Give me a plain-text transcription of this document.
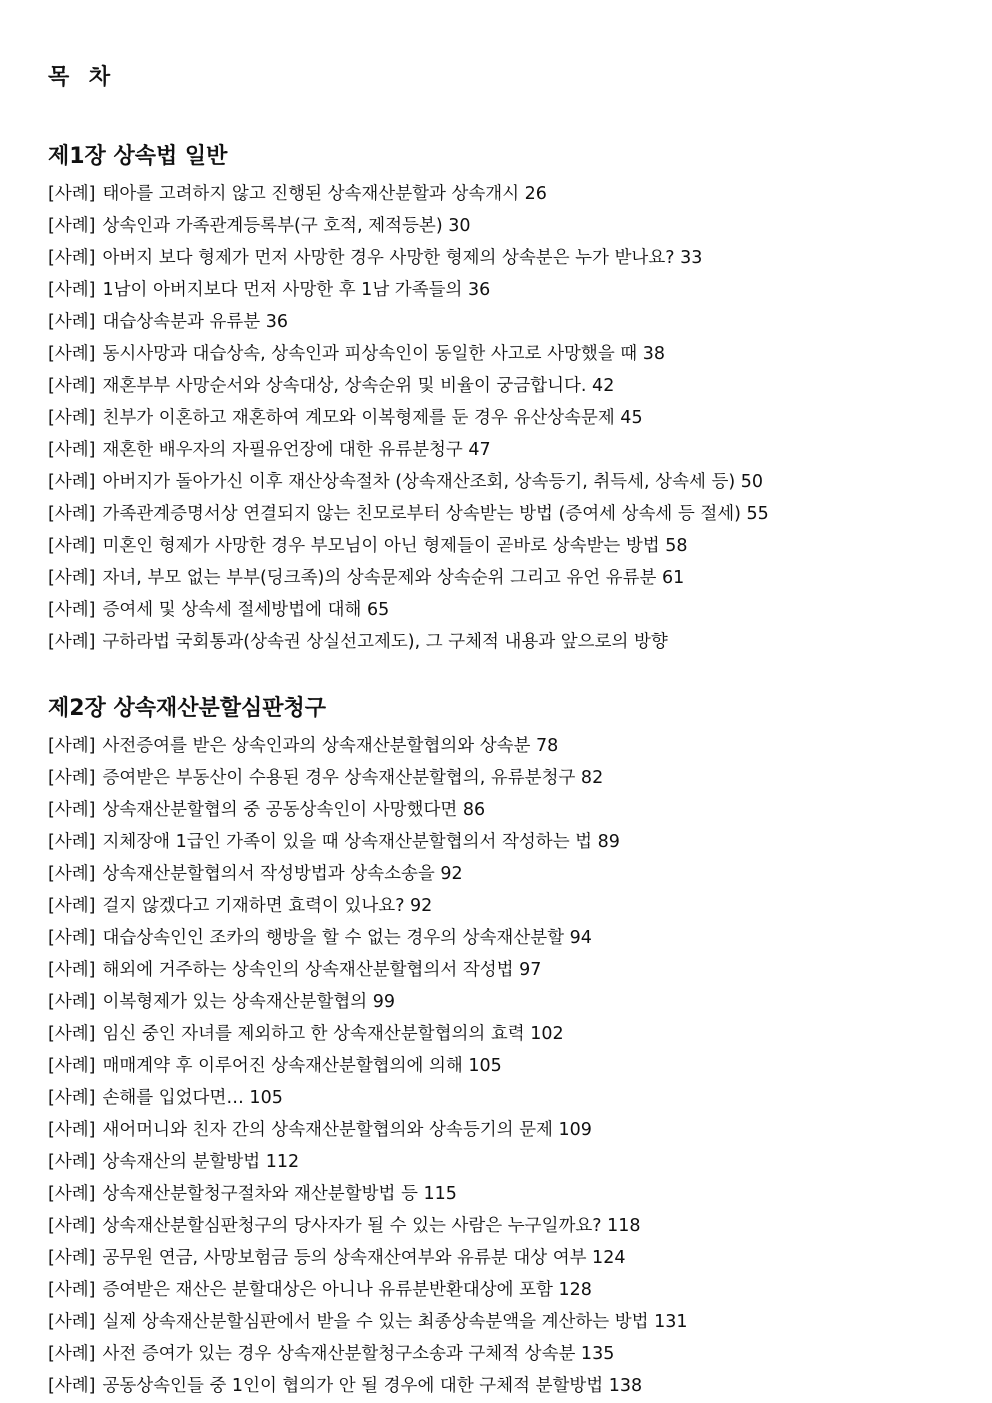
목 차
제1장 상속법 일반
[사례] 태아를 고려하지 않고 진행된 상속재산분할과 상속개시 26
[사례] 상속인과 가족관계등록부(구 호적, 제적등본) 30
[사례] 아버지 보다 형제가 먼저 사망한 경우 사망한 형제의 상속분은 누가 받나요? 33
[사례] 1남이 아버지보다 먼저 사망한 후 1남 가족들의 36
[사례] 대습상속분과 유류분 36
[사례] 동시사망과 대습상속, 상속인과 피상속인이 동일한 사고로 사망했을 때 38
[사례] 재혼부부 사망순서와 상속대상, 상속순위 및 비율이 궁금합니다. 42
[사례] 친부가 이혼하고 재혼하여 계모와 이복형제를 둔 경우 유산상속문제 45
[사례] 재혼한 배우자의 자필유언장에 대한 유류분청구 47
[사례] 아버지가 돌아가신 이후 재산상속절차 (상속재산조회, 상속등기, 취득세, 상속세 등) 50
[사례] 가족관계증명서상 연결되지 않는 친모로부터 상속받는 방법 (증여세 상속세 등 절세) 55
[사례] 미혼인 형제가 사망한 경우 부모님이 아닌 형제들이 곧바로 상속받는 방법 58
[사례] 자녀, 부모 없는 부부(딩크족)의 상속문제와 상속순위 그리고 유언 유류분 61
[사례] 증여세 및 상속세 절세방법에 대해 65
[사례] 구하라법 국회통과(상속권 상실선고제도), 그 구체적 내용과 앞으로의 방향
제2장 상속재산분할심판청구
[사례] 사전증여를 받은 상속인과의 상속재산분할협의와 상속분 78
[사례] 증여받은 부동산이 수용된 경우 상속재산분할협의, 유류분청구 82
[사례] 상속재산분할협의 중 공동상속인이 사망했다면 86
[사례] 지체장애 1급인 가족이 있을 때 상속재산분할협의서 작성하는 법 89
[사례] 상속재산분할협의서 작성방법과 상속소송을 92
[사례] 걸지 않겠다고 기재하면 효력이 있나요? 92
[사례] 대습상속인인 조카의 행방을 할 수 없는 경우의 상속재산분할 94
[사례] 해외에 거주하는 상속인의 상속재산분할협의서 작성법 97
[사례] 이복형제가 있는 상속재산분할협의 99
[사례] 임신 중인 자녀를 제외하고 한 상속재산분할협의의 효력 102
[사례] 매매계약 후 이루어진 상속재산분할협의에 의해 105
[사례] 손해를 입었다면… 105
[사례] 새어머니와 친자 간의 상속재산분할협의와 상속등기의 문제 109
[사례] 상속재산의 분할방법 112
[사례] 상속재산분할청구절차와 재산분할방법 등 115
[사례] 상속재산분할심판청구의 당사자가 될 수 있는 사람은 누구일까요? 118
[사례] 공무원 연금, 사망보험금 등의 상속재산여부와 유류분 대상 여부 124
[사례] 증여받은 재산은 분할대상은 아니나 유류분반환대상에 포함 128
[사례] 실제 상속재산분할심판에서 받을 수 있는 최종상속분액을 계산하는 방법 131
[사례] 사전 증여가 있는 경우 상속재산분할청구소송과 구체적 상속분 135
[사례] 공동상속인들 중 1인이 협의가 안 될 경우에 대한 구체적 분할방법 138
